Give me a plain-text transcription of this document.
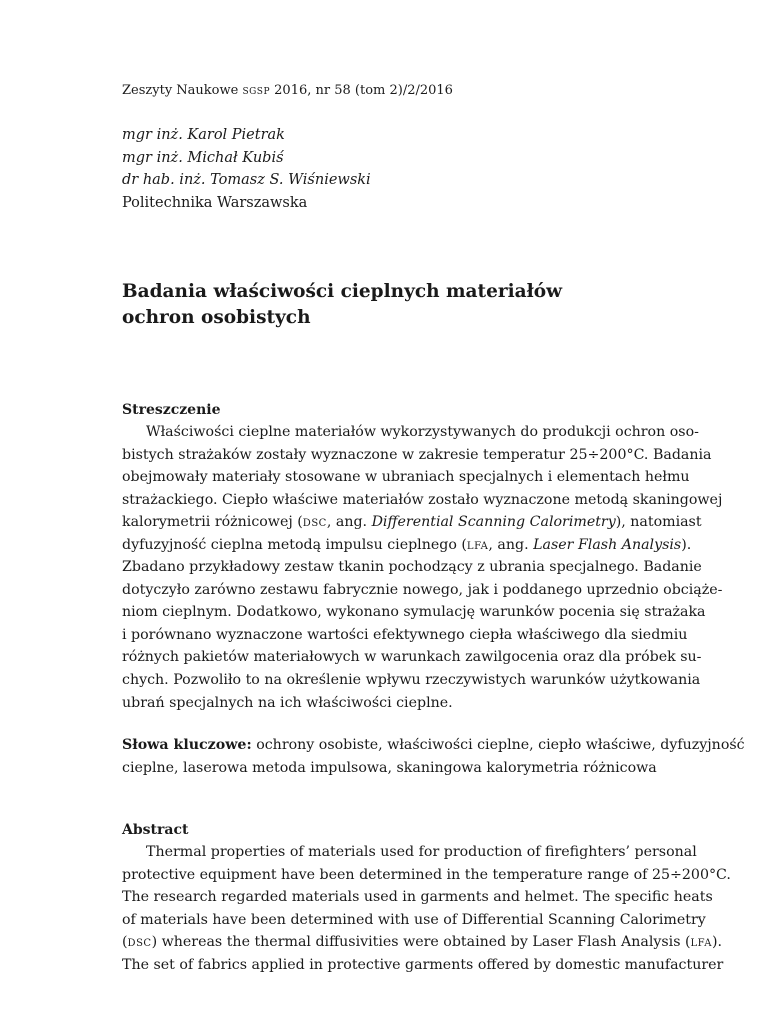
Zeszyty Naukowe sgsp 2016, nr 58 (tom 2)/2/2016

mgr inż. Karol Pietrak

mgr inż. Michał Kubiś

dr hab. inż. Tomasz S. Wiśniewski

Politechnika Warszawska

Badania właściwości cieplnych materiałów
ochron osobistych

Streszczenie

Właściwości cieplne materiałów wykorzystywanych do produkcji ochron oso-
bistych strażaków zostały wyznaczone w zakresie temperatur 25÷200°C. Badania
obejmowały materiały stosowane w ubraniach specjalnych i elementach hełmu
strażackiego. Ciepło właściwe materiałów zostało wyznaczone metodą skaningowej
kalorymetrii różnicowej (dsc, ang. Differential Scanning Calorimetry), natomiast
dyfuzyjność cieplna metodą impulsu cieplnego (lfa, ang. Laser Flash Analysis).
Zbadano przykładowy zestaw tkanin pochodzący z ubrania specjalnego. Badanie
dotyczyło zarówno zestawu fabrycznie nowego, jak i poddanego uprzednio obciąże-
niom cieplnym. Dodatkowo, wykonano symulację warunków pocenia się strażaka
i porównano wyznaczone wartości efektywnego ciepła właściwego dla siedmiu
różnych pakietów materiałowych w warunkach zawilgocenia oraz dla próbek su-
chych. Pozwoliło to na określenie wpływu rzeczywistych warunków użytkowania
ubrań specjalnych na ich właściwości cieplne.
Słowa kluczowe: ochrony osobiste, właściwości cieplne, ciepło właściwe, dyfuzyjność
cieplne, laserowa metoda impulsowa, skaningowa kalorymetria różnicowa

Abstract

Thermal properties of materials used for production of firefighters’ personal
protective equipment have been determined in the temperature range of 25÷200°C.
The research regarded materials used in garments and helmet. The specific heats
of materials have been determined with use of Differential Scanning Calorimetry
(dsc) whereas the thermal diffusivities were obtained by Laser Flash Analysis (lfa).
The set of fabrics applied in protective garments offered by domestic manufacturer
